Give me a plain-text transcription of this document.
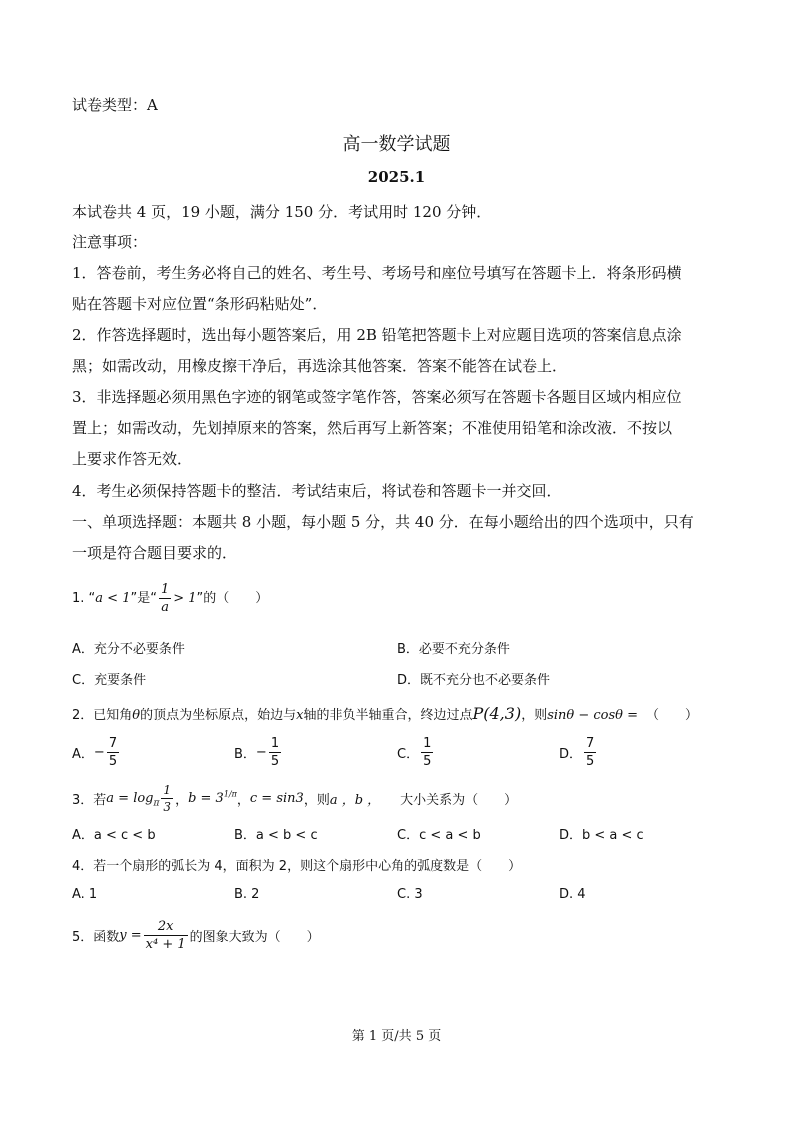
试卷类型：A
高一数学试题
2025.1
本试卷共 4 页，19 小题，满分 150 分．考试用时 120 分钟．
注意事项：
1．答卷前，考生务必将自己的姓名、考生号、考场号和座位号填写在答题卡上．将条形码横
贴在答题卡对应位置“条形码粘贴处”．
2．作答选择题时，选出每小题答案后，用 2B 铅笔把答题卡上对应题目选项的答案信息点涂
黑；如需改动，用橡皮擦干净后，再选涂其他答案．答案不能答在试卷上．
3．非选择题必须用黑色字迹的钢笔或签字笔作答，答案必须写在答题卡各题目区域内相应位
置上；如需改动，先划掉原来的答案，然后再写上新答案；不准使用铅笔和涂改液．不按以
上要求作答无效．
4．考生必须保持答题卡的整洁．考试结束后，将试卷和答题卡一并交回．
一、单项选择题：本题共 8 小题，每小题 5 分，共 40 分．在每小题给出的四个选项中，只有
一项是符合题目要求的．
1. “a < 1”是“ $\frac{1}{a} > 1$”的（　　）
A．充分不必要条件	B．必要不充分条件
C．充要条件	D．既不充分也不必要条件
2．已知角θ的顶点为坐标原点，始边与x轴的非负半轴重合，终边过点P(4,3)，则sinθ − cosθ = （　　）
A．− $\frac{7}{5}$	B．− $\frac{1}{5}$	C． $\frac{1}{5}$	D． $\frac{7}{5}$
3．若$a = \log_\pi \frac{1}{3}$ ，$b = 3^{1/\pi}$，c = sin3，则a ，b ， 大小关系为（　　）
A．a < c < b	B．a < b < c	C．c < a < b	D．b < a < c
4．若一个扇形的弧长为 4，面积为 2，则这个扇形中心角的弧度数是（　　）
A. 1	B. 2	C. 3	D. 4
5．函数$y = \frac{2x}{\text{x⁴ + 1}}$ 的图象大致为（　　）
第 1 页/共 5 页
